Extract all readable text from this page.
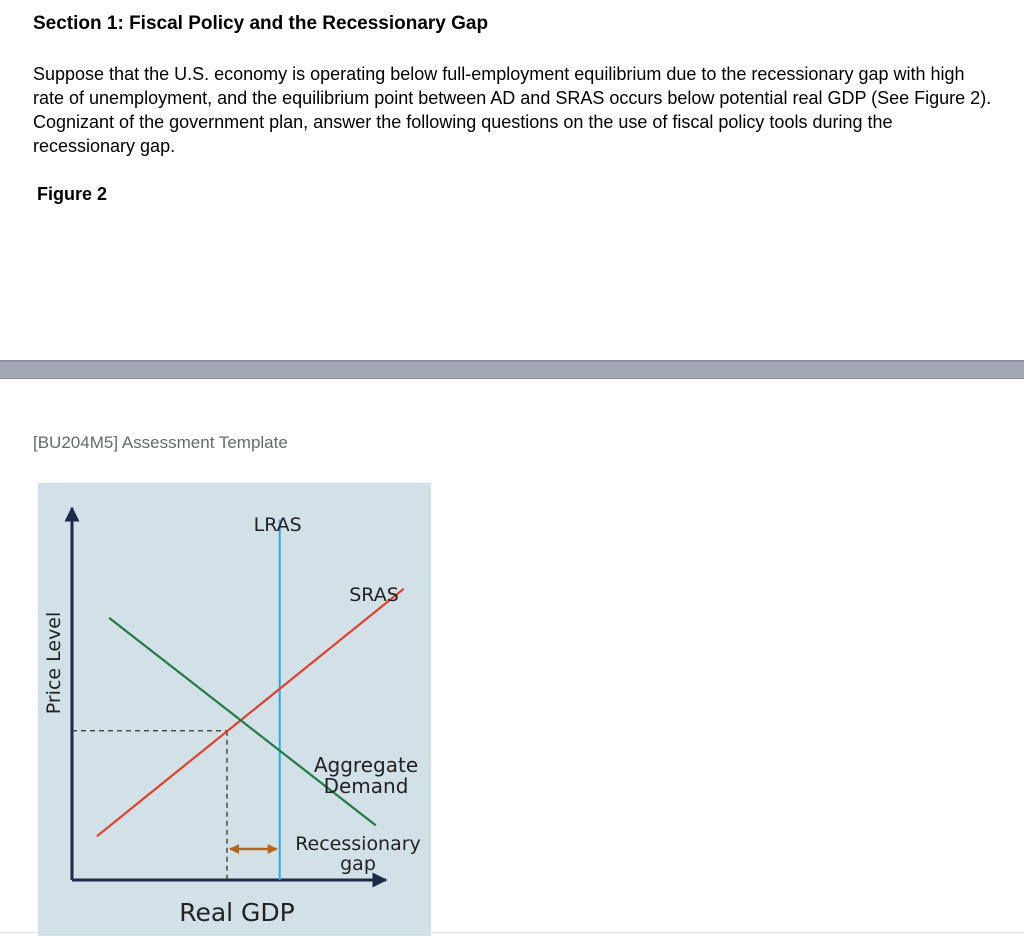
Section 1: Fiscal Policy and the Recessionary Gap

Suppose that the U.S. economy is operating below full-employment equilibrium due to the recessionary gap with high rate of unemployment, and the equilibrium point between AD and SRAS occurs below potential real GDP (See Figure 2). Cognizant of the government plan, answer the following questions on the use of fiscal policy tools during the recessionary gap.

Figure 2

[BU204M5] Assessment Template

LRAS
SRAS
Aggregate Demand
Recessionary gap
Real GDP
Price Level
